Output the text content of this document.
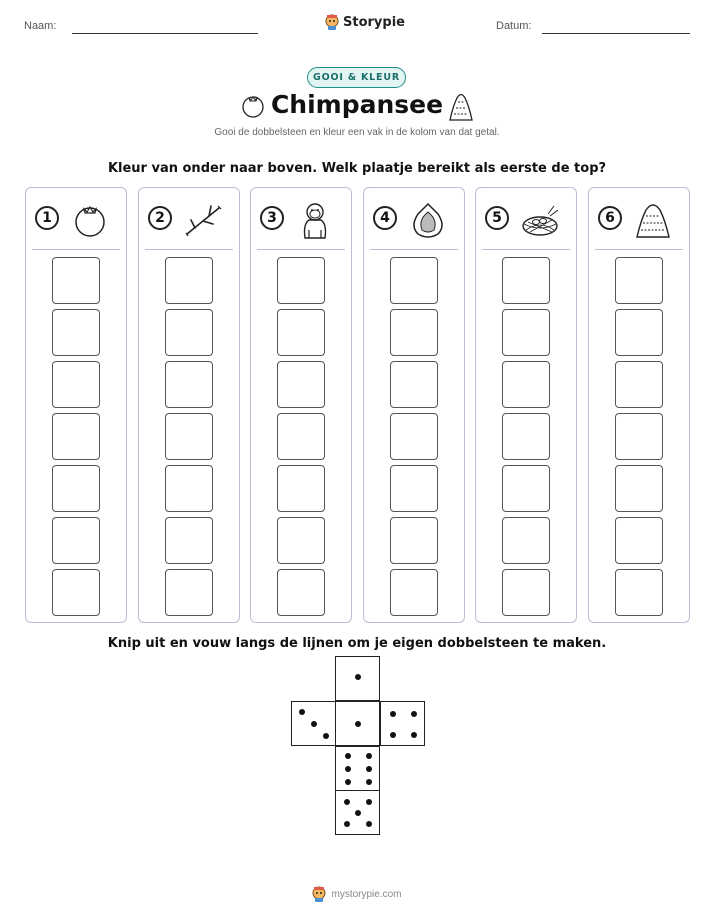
Naam:	Storypie	Datum:
GOOI & KLEUR
Chimpansee
Gooi de dobbelsteen en kleur een vak in de kolom van dat getal.
Kleur van onder naar boven. Welk plaatje bereikt als eerste de top?
1	2	3	4	5	6
Knip uit en vouw langs de lijnen om je eigen dobbelsteen te maken.
mystorypie.com
